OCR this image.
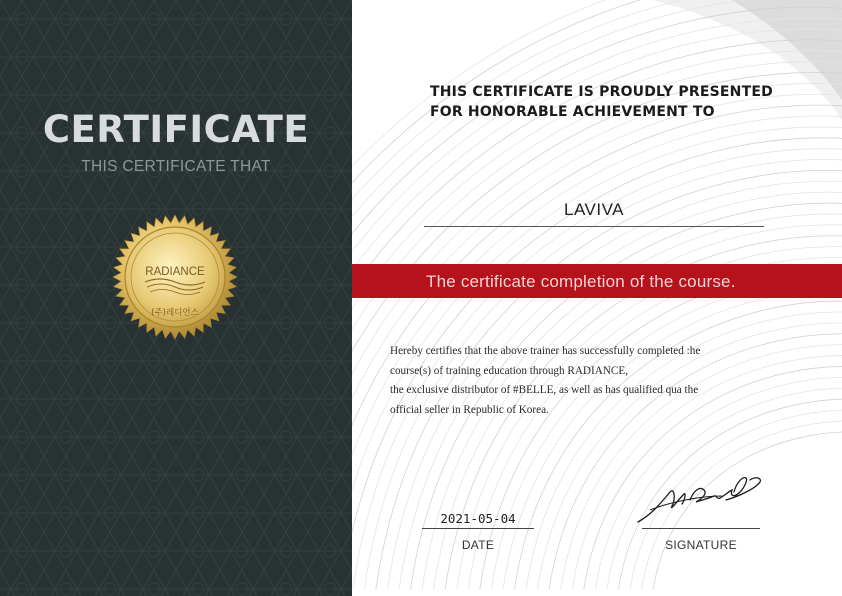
CERTIFICATE
THIS CERTIFICATE THAT
RADIANCE
(주)레디언스
THIS CERTIFICATE IS PROUDLY PRESENTED
FOR HONORABLE ACHIEVEMENT TO
LAVIVA
The certificate completion of the course.
Hereby certifies that the above trainer has successfully completed :he
course(s) of training education through RADIANCE,
the exclusive distributor of #BELLE, as well as has qualified qua the
official seller in Republic of Korea.
2021-05-04
DATE	SIGNATURE
